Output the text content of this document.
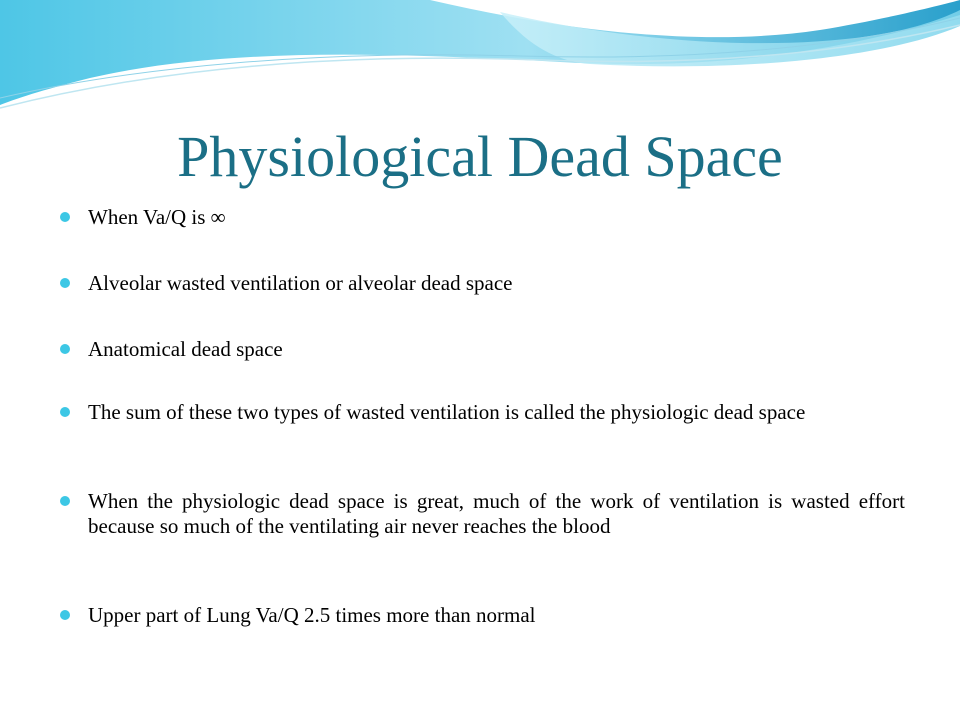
Physiological Dead Space
When Va/Q is ∞
Alveolar wasted ventilation or alveolar dead space
Anatomical dead space
The sum of these two types of wasted ventilation is called the physiologic dead space
When the physiologic dead space is great, much of the work of ventilation is wasted effort because so much of the ventilating air never reaches the blood
Upper part of Lung Va/Q 2.5 times more than normal
